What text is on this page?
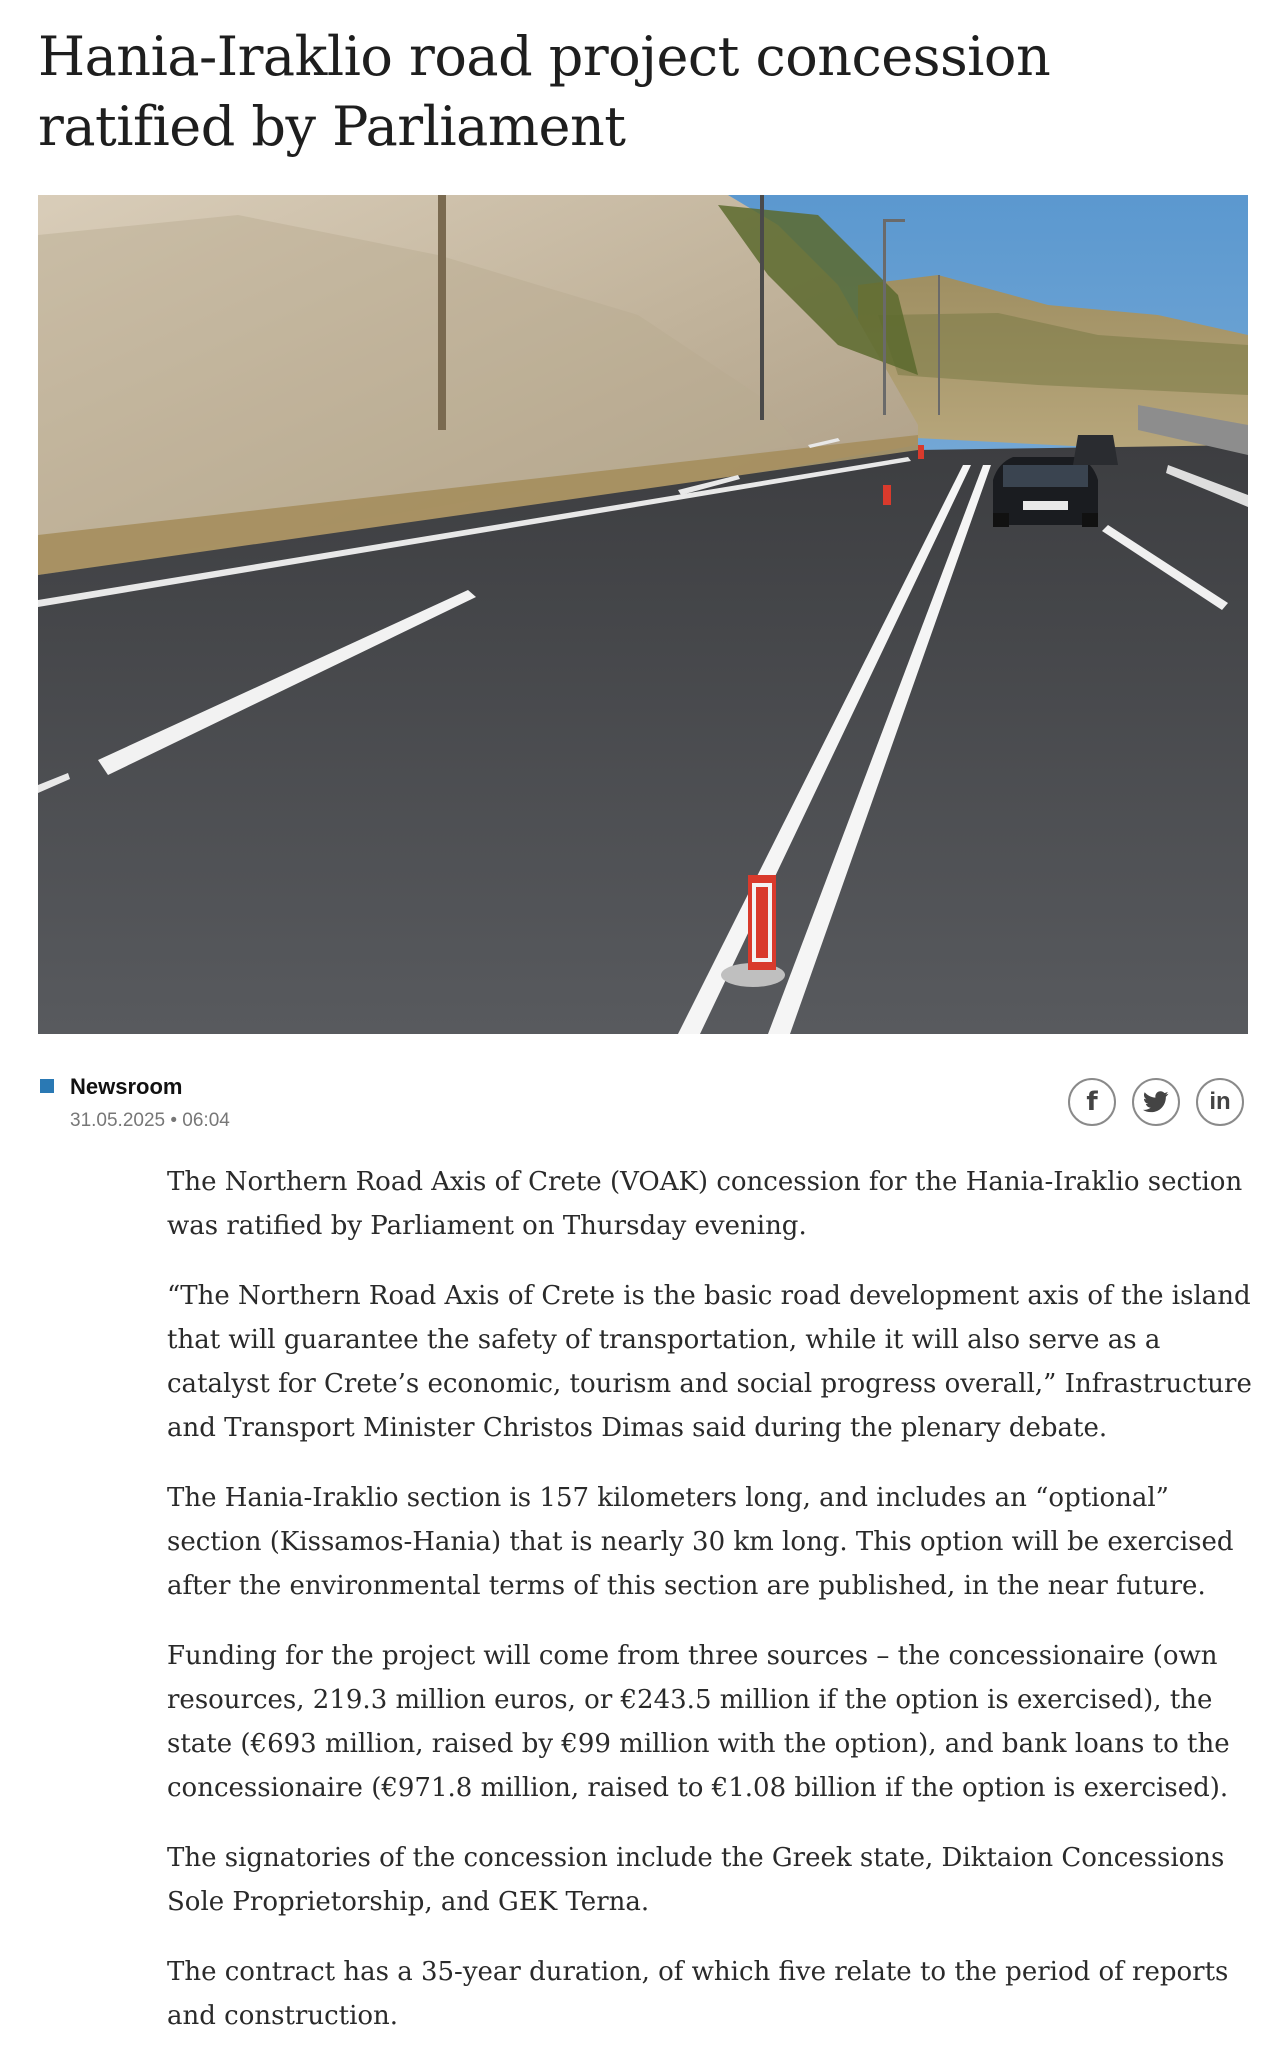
Hania-Iraklio road project concession ratified by Parliament
Newsroom
31.05.2025 • 06:04
f	in

The Northern Road Axis of Crete (VOAK) concession for the Hania-Iraklio section was ratified by Parliament on Thursday evening.

“The Northern Road Axis of Crete is the basic road development axis of the island that will guarantee the safety of transportation, while it will also serve as a catalyst for Crete’s economic, tourism and social progress overall,” Infrastructure and Transport Minister Christos Dimas said during the plenary debate.

The Hania-Iraklio section is 157 kilometers long, and includes an “optional” section (Kissamos-Hania) that is nearly 30 km long. This option will be exercised after the environmental terms of this section are published, in the near future.

Funding for the project will come from three sources – the concessionaire (own resources, 219.3 million euros, or €243.5 million if the option is exercised), the state (€693 million, raised by €99 million with the option), and bank loans to the concessionaire (€971.8 million, raised to €1.08 billion if the option is exercised).

The signatories of the concession include the Greek state, Diktaion Concessions Sole Proprietorship, and GEK Terna.

The contract has a 35-year duration, of which five relate to the period of reports and construction.
